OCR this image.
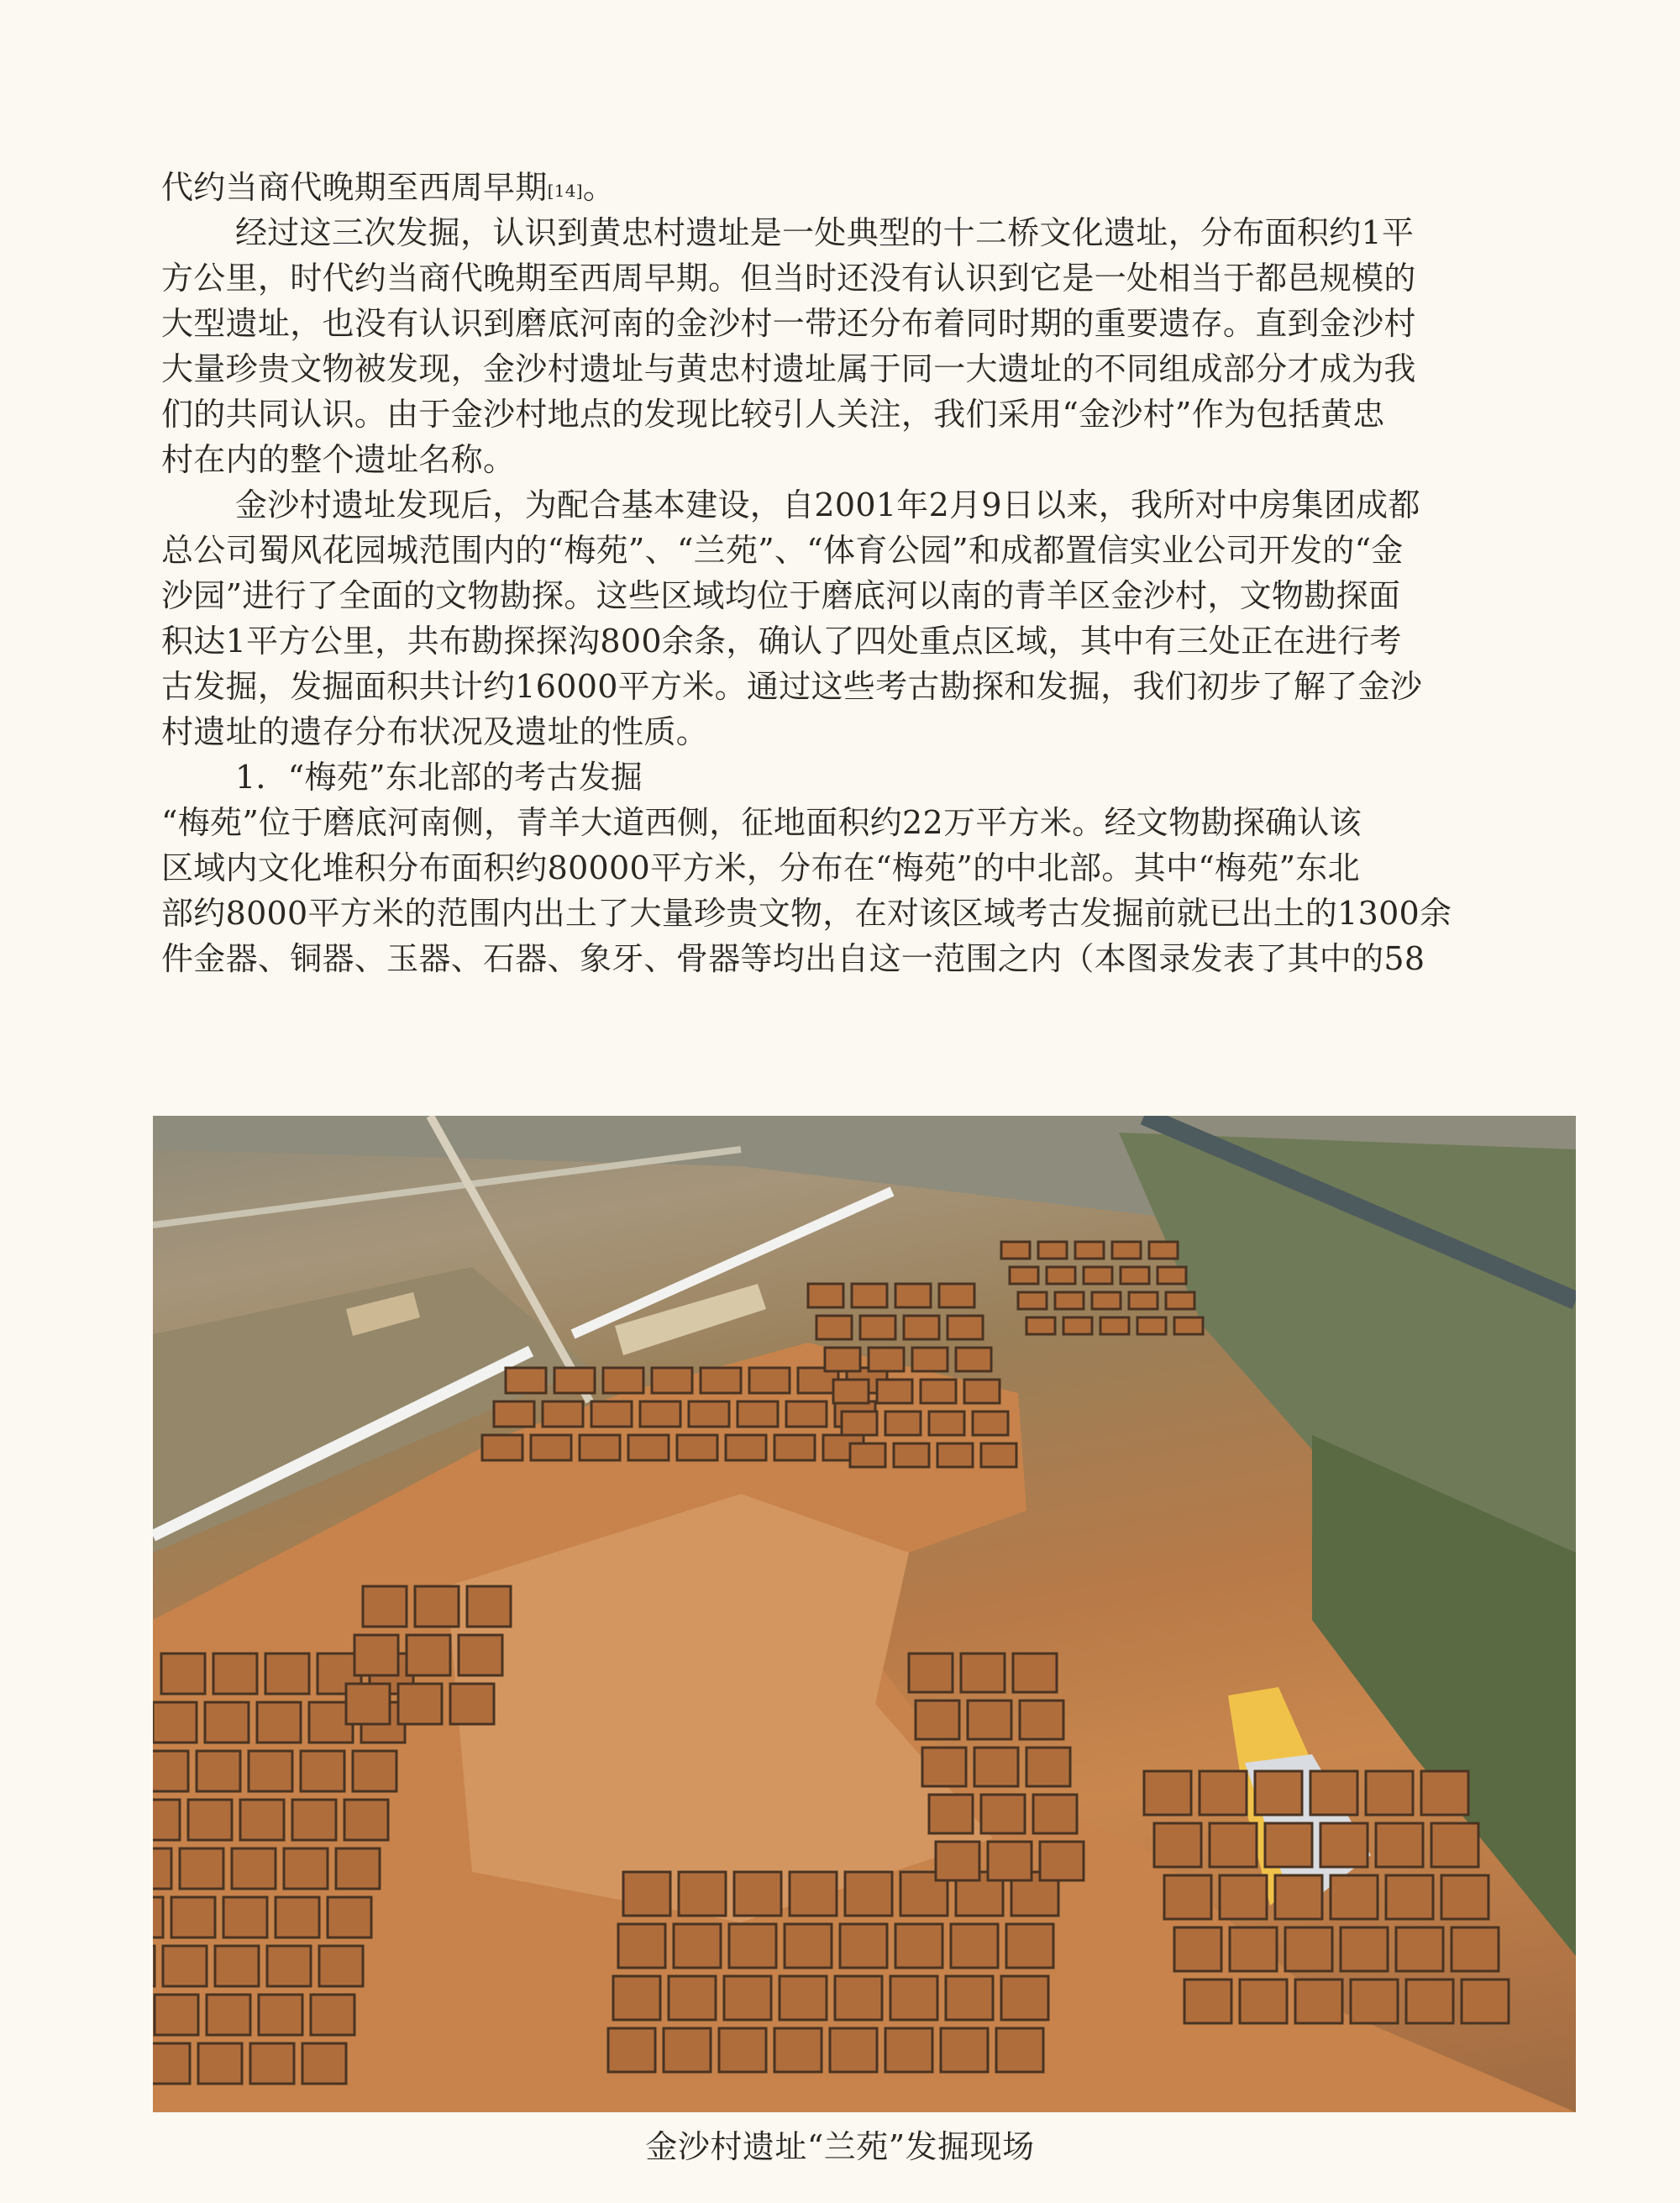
代约当商代晚期至西周早期[14]。
经过这三次发掘，认识到黄忠村遗址是一处典型的十二桥文化遗址，分布面积约1平
方公里，时代约当商代晚期至西周早期。但当时还没有认识到它是一处相当于都邑规模的
大型遗址，也没有认识到磨底河南的金沙村一带还分布着同时期的重要遗存。直到金沙村
大量珍贵文物被发现，金沙村遗址与黄忠村遗址属于同一大遗址的不同组成部分才成为我
们的共同认识。由于金沙村地点的发现比较引人关注，我们采用“金沙村”作为包括黄忠
村在内的整个遗址名称。
金沙村遗址发现后，为配合基本建设，自2001年2月9日以来，我所对中房集团成都
总公司蜀风花园城范围内的“梅苑”、“兰苑”、“体育公园”和成都置信实业公司开发的“金
沙园”进行了全面的文物勘探。这些区域均位于磨底河以南的青羊区金沙村，文物勘探面
积达1平方公里，共布勘探探沟800余条，确认了四处重点区域，其中有三处正在进行考
古发掘，发掘面积共计约16000平方米。通过这些考古勘探和发掘，我们初步了解了金沙
村遗址的遗存分布状况及遗址的性质。
1．“梅苑”东北部的考古发掘
“梅苑”位于磨底河南侧，青羊大道西侧，征地面积约22万平方米。经文物勘探确认该
区域内文化堆积分布面积约80000平方米，分布在“梅苑”的中北部。其中“梅苑”东北
部约8000平方米的范围内出土了大量珍贵文物，在对该区域考古发掘前就已出土的1300余
件金器、铜器、玉器、石器、象牙、骨器等均出自这一范围之内（本图录发表了其中的58
金沙村遗址“兰苑”发掘现场
